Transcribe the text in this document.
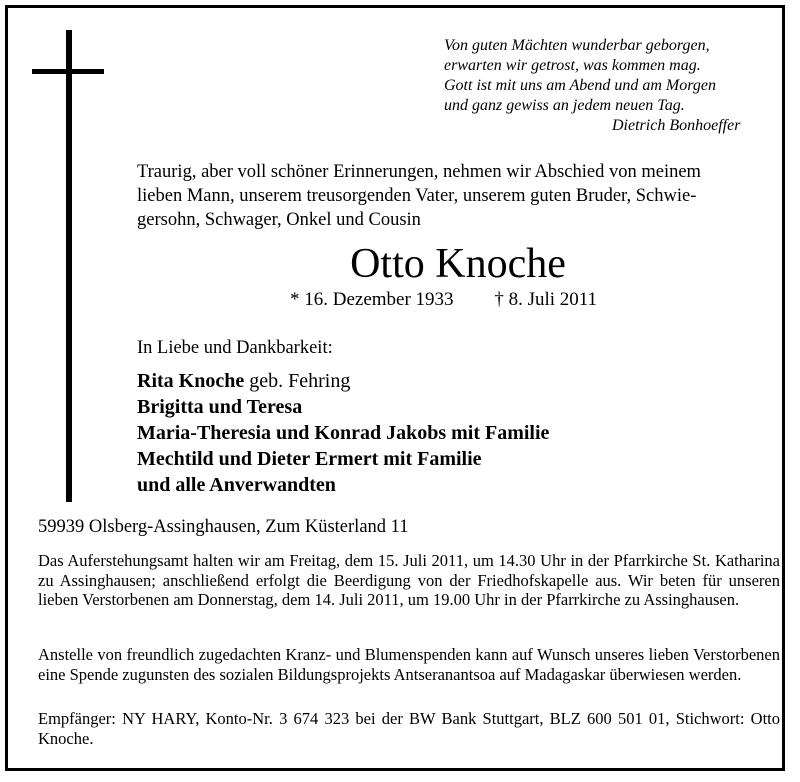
Von guten Mächten wunderbar geborgen,
erwarten wir getrost, was kommen mag.
Gott ist mit uns am Abend und am Morgen
und ganz gewiss an jedem neuen Tag.
Dietrich Bonhoeffer
Traurig, aber voll schöner Erinnerungen, nehmen wir Abschied von meinem
lieben Mann, unserem treusorgenden Vater, unserem guten Bruder, Schwie-
gersohn, Schwager, Onkel und Cousin
Otto Knoche
* 16. Dezember 1933 † 8. Juli 2011
In Liebe und Dankbarkeit:
Rita Knoche geb. Fehring
Brigitta und Teresa
Maria-Theresia und Konrad Jakobs mit Familie
Mechtild und Dieter Ermert mit Familie
und alle Anverwandten
59939 Olsberg-Assinghausen, Zum Küsterland 11
Das Auferstehungsamt halten wir am Freitag, dem 15. Juli 2011, um 14.30 Uhr in der Pfarrkirche St. Katharina zu Assinghausen; anschließend erfolgt die Beerdigung von der Friedhofskapelle aus. Wir beten für unseren lieben Verstorbenen am Donnerstag, dem 14. Juli 2011, um 19.00 Uhr in der Pfarrkirche zu Assinghausen.
Anstelle von freundlich zugedachten Kranz- und Blumenspenden kann auf Wunsch unseres lieben Verstorbenen eine Spende zugunsten des sozialen Bildungsprojekts Antseranantsoa auf Madagaskar überwiesen werden.
Empfänger: NY HARY, Konto-Nr. 3 674 323 bei der BW Bank Stuttgart, BLZ 600 501 01, Stichwort: Otto Knoche.
